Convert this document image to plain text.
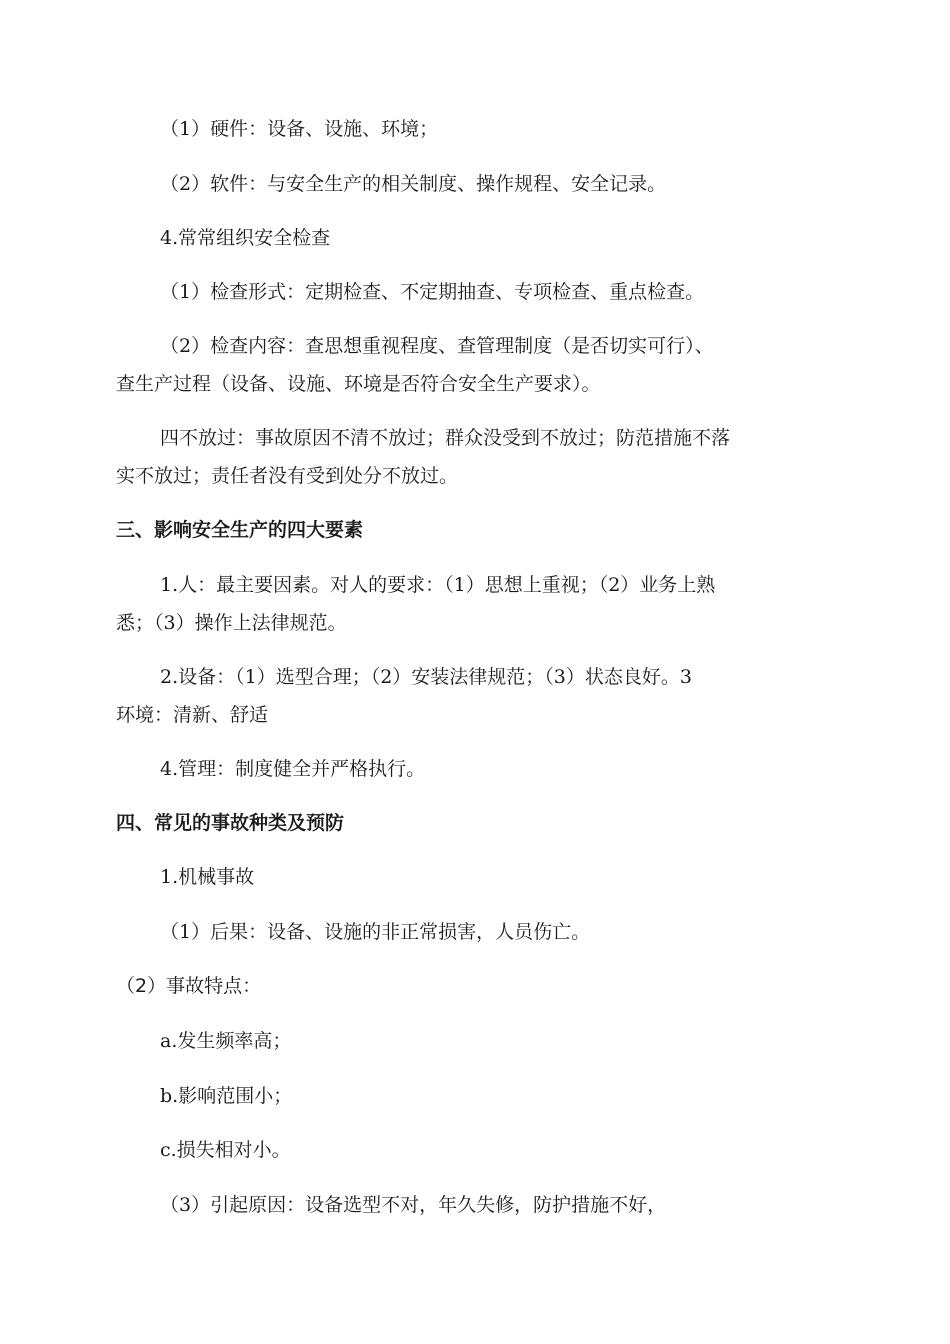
（1）硬件：设备、设施、环境；
（2）软件：与安全生产的相关制度、操作规程、安全记录。
4.常常组织安全检查
（1）检查形式：定期检查、不定期抽查、专项检查、重点检查。
（2）检查内容：查思想重视程度、查管理制度（是否切实可行）、
查生产过程（设备、设施、环境是否符合安全生产要求）。
四不放过：事故原因不清不放过；群众没受到不放过；防范措施不落
实不放过；责任者没有受到处分不放过。
三、影响安全生产的四大要素
1.人：最主要因素。对人的要求：（1）思想上重视；（2）业务上熟
悉；（3）操作上法律规范。
2.设备：（1）选型合理；（2）安装法律规范；（3）状态良好。3
环境：清新、舒适
4.管理：制度健全并严格执行。
四、常见的事故种类及预防
1.机械事故
（1）后果：设备、设施的非正常损害，人员伤亡。
（2）事故特点：
a.发生频率高；
b.影响范围小；
c.损失相对小。
（3）引起原因：设备选型不对，年久失修，防护措施不好，
